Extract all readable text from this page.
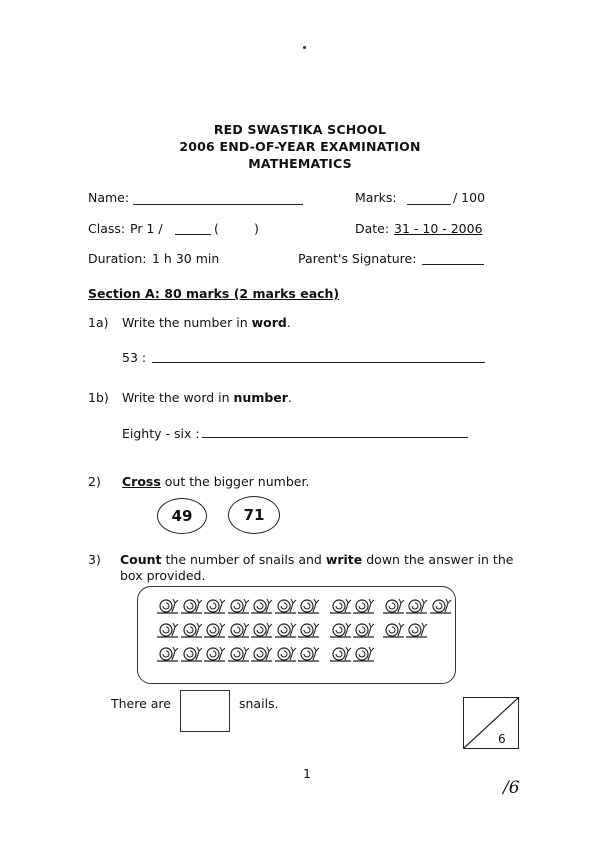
RED SWASTIKA SCHOOL
2006 END-OF-YEAR EXAMINATION
MATHEMATICS
Name:	Marks:	/ 100
Class: Pr 1 /	(	)	Date: 31 - 10 - 2006
Duration: 1 h 30 min	Parent's Signature:
Section A: 80 marks (2 marks each)
1a) Write the number in word.
53 :
1b) Write the word in number.
Eighty - six :
2) Cross out the bigger number.
49	71
3) Count the number of snails and write down the answer in the
box provided.
There are	snails.
6
1
/6
